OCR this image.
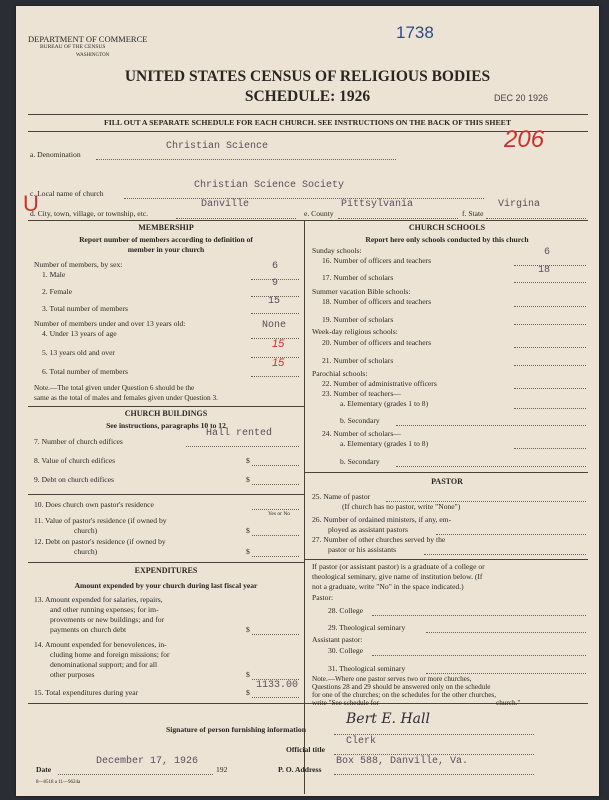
DEPARTMENT OF COMMERCE
BUREAU OF THE CENSUS
WASHINGTON
1738
UNITED STATES CENSUS OF RELIGIOUS BODIES
SCHEDULE: 1926	DEC 20 1926
FILL OUT A SEPARATE SCHEDULE FOR EACH CHURCH. SEE INSTRUCTIONS ON THE BACK OF THIS SHEET
206
a. Denomination
Christian Science
U
c. Local name of church
Christian Science Society
d. City, town, village, or township, etc.
Danville
e. County
Pittsylvania
f. State
Virgina
MEMBERSHIP
Report number of members according to definition of
member in your church
Number of members, by sex:
1. Male
6
2. Female
9
3. Total number of members
15
Number of members under and over 13 years old:
4. Under 13 years of age
None
5. 13 years old and over
15
6. Total number of members
15
Note.—The total given under Question 6 should be the
same as the total of males and females given under Question 3.
CHURCH BUILDINGS
See instructions, paragraphs 10 to 12
7. Number of church edifices
Hall rented
8. Value of church edifices	$
9. Debt on church edifices	$
10. Does church own pastor's residence
Yes or No
11. Value of pastor's residence (if owned by
church)	$
12. Debt on pastor's residence (if owned by
church)	$
EXPENDITURES
Amount expended by your church during last fiscal year
13. Amount expended for salaries, repairs,
and other running expenses; for im-
provements or new buildings; and for
payments on church debt	$
14. Amount expended for benevolences, in-
cluding home and foreign missions; for
denominational support; and for all
other purposes	$
15. Total expenditures during year	$
1133.00
CHURCH SCHOOLS
Report here only schools conducted by this church
Sunday schools:
16. Number of officers and teachers
6
17. Number of scholars
18
Summer vacation Bible schools:
18. Number of officers and teachers
19. Number of scholars
Week-day religious schools:
20. Number of officers and teachers
21. Number of scholars
Parochial schools:
22. Number of administrative officers
23. Number of teachers—
a. Elementary (grades 1 to 8)
b. Secondary
24. Number of scholars—
a. Elementary (grades 1 to 8)
b. Secondary
PASTOR
25. Name of pastor
(If church has no pastor, write "None")
26. Number of ordained ministers, if any, em-
ployed as assistant pastors
27. Number of other churches served by the
pastor or his assistants
If pastor (or assistant pastor) is a graduate of a college or
theological seminary, give name of institution below. (If
not a graduate, write "No" in the space indicated.)
Pastor:
28. College
29. Theological seminary
Assistant pastor:
30. College
31. Theological seminary
Note.—Where one pastor serves two or more churches,
Questions 28 and 29 should be answered only on the schedule
for one of the churches; on the schedules for the other churches,
write "See schedule for	church."
Signature of person furnishing information
Bert E. Hall
Official title
Clerk
Date
December 17, 1926
192	P. O. Address
Box 588, Danville, Va.
8—8518 a 11—9624a
